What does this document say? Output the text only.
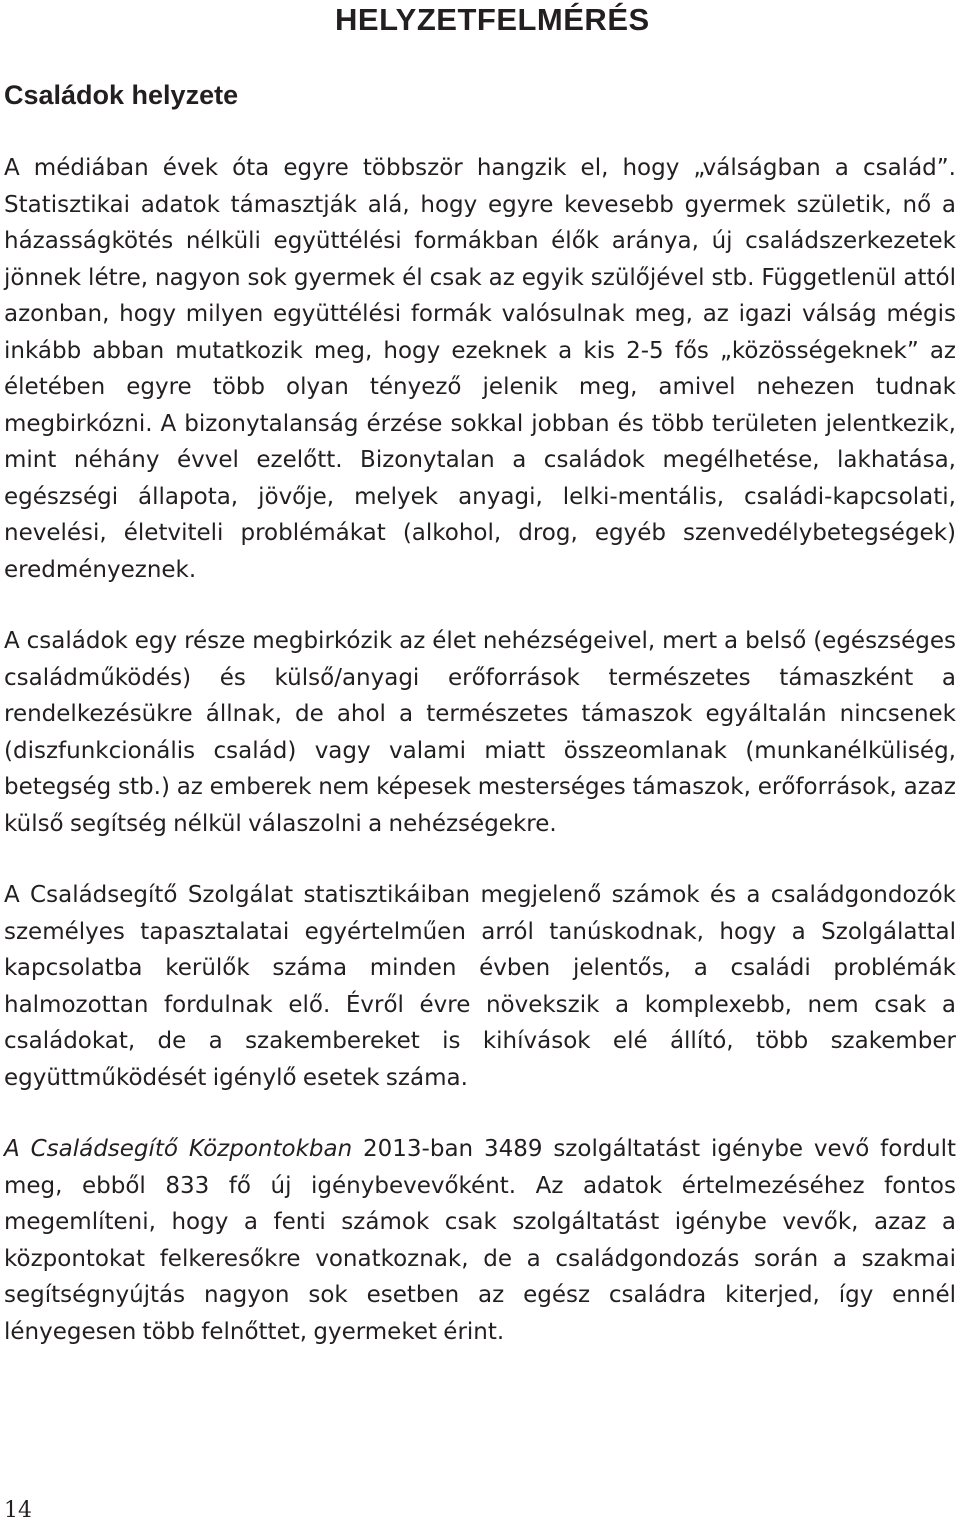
HELYZETFELMÉRÉS
Családok helyzete

A médiában évek óta egyre többször hangzik el, hogy „válságban a család”. Statisztikai adatok támasztják alá, hogy egyre kevesebb gyermek születik, nő a házasságkötés nélküli együttélési formákban élők aránya, új családszerkezetek jönnek létre, nagyon sok gyermek él csak az egyik szülőjével stb. Függetlenül attól azonban, hogy milyen együttélési formák valósulnak meg, az igazi válság mégis inkább abban mutatkozik meg, hogy ezeknek a kis 2-5 fős „közösségeknek” az életében egyre több olyan tényező jelenik meg, amivel nehezen tudnak megbirkózni. A bizonytalanság érzése sokkal jobban és több területen jelentkezik, mint néhány évvel ezelőtt. Bizonytalan a családok megélhetése, lakhatása, egészségi állapota, jövője, melyek anyagi, lelki-mentális, családi-kapcsolati, nevelési, életviteli problémákat (alkohol, drog, egyéb szenvedélybetegségek) eredményeznek.

A családok egy része megbirkózik az élet nehézségeivel, mert a belső (egészséges családműködés) és külső/anyagi erőforrások természetes támaszként a rendelkezésükre állnak, de ahol a természetes támaszok egyáltalán nincsenek (diszfunkcionális család) vagy valami miatt összeomlanak (munkanélküliség, betegség stb.) az emberek nem képesek mesterséges támaszok, erőforrások, azaz külső segítség nélkül válaszolni a nehézségekre.

A Családsegítő Szolgálat statisztikáiban megjelenő számok és a családgondozók személyes tapasztalatai egyértelműen arról tanúskodnak, hogy a Szolgálattal kapcsolatba kerülők száma minden évben jelentős, a családi problémák halmozottan fordulnak elő. Évről évre növekszik a komplexebb, nem csak a családokat, de a szakembereket is kihívások elé állító, több szakember együttműködését igénylő esetek száma.

A Családsegítő Központokban 2013-ban 3489 szolgáltatást igénybe vevő fordult meg, ebből 833 fő új igénybevevőként. Az adatok értelmezéséhez fontos megemlíteni, hogy a fenti számok csak szolgáltatást igénybe vevők, azaz a központokat felkeresőkre vonatkoznak, de a családgondozás során a szakmai segítségnyújtás nagyon sok esetben az egész családra kiterjed, így ennél lényegesen több felnőttet, gyermeket érint.

14
